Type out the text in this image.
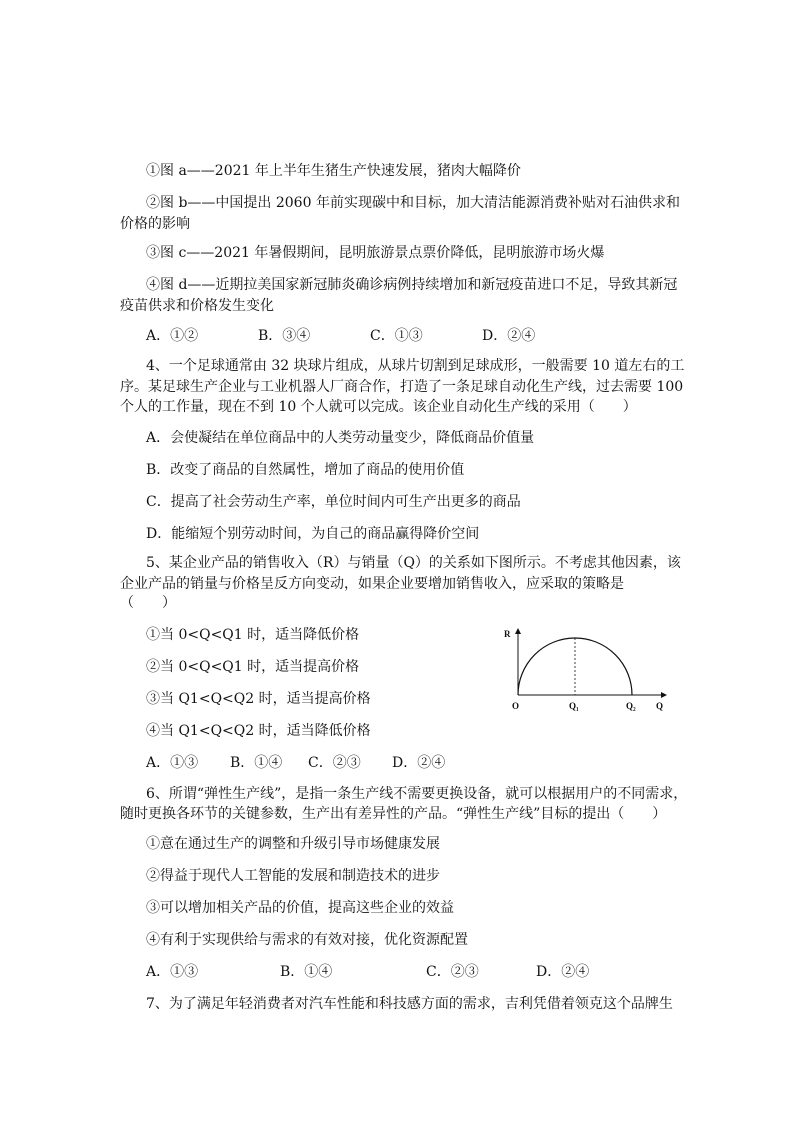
①图 a——2021 年上半年生猪生产快速发展，猪肉大幅降价
②图 b——中国提出 2060 年前实现碳中和目标，加大清洁能源消费补贴对石油供求和
价格的影响
③图 c——2021 年暑假期间，昆明旅游景点票价降低，昆明旅游市场火爆
④图 d——近期拉美国家新冠肺炎确诊病例持续增加和新冠疫苗进口不足，导致其新冠
疫苗供求和价格发生变化
A．①②	B．③④	C．①③	D．②④
4、一个足球通常由 32 块球片组成，从球片切割到足球成形，一般需要 10 道左右的工
序。某足球生产企业与工业机器人厂商合作，打造了一条足球自动化生产线，过去需要 100
个人的工作量，现在不到 10 个人就可以完成。该企业自动化生产线的采用（　　）
A．会使凝结在单位商品中的人类劳动量变少，降低商品价值量
B．改变了商品的自然属性，增加了商品的使用价值
C．提高了社会劳动生产率，单位时间内可生产出更多的商品
D．能缩短个别劳动时间，为自己的商品赢得降价空间
5、某企业产品的销售收入（R）与销量（Q）的关系如下图所示。不考虑其他因素，该
企业产品的销量与价格呈反方向变动，如果企业要增加销售收入，应采取的策略是
（　　）
①当 0<Q<Q1 时，适当降低价格
②当 0<Q<Q1 时，适当提高价格
③当 Q1<Q<Q2 时，适当提高价格
④当 Q1<Q<Q2 时，适当降低价格
A．①③ B．①④ C．②③ D．②④
R
O	Q₁	Q₂ Q
6、所谓“弹性生产线”，是指一条生产线不需要更换设备，就可以根据用户的不同需求，
随时更换各环节的关键参数，生产出有差异性的产品。“弹性生产线”目标的提出（　　）
①意在通过生产的调整和升级引导市场健康发展
②得益于现代人工智能的发展和制造技术的进步
③可以增加相关产品的价值，提高这些企业的效益
④有利于实现供给与需求的有效对接，优化资源配置
A．①③	B．①④	C．②③	D．②④
7、为了满足年轻消费者对汽车性能和科技感方面的需求，吉利凭借着领克这个品牌生
